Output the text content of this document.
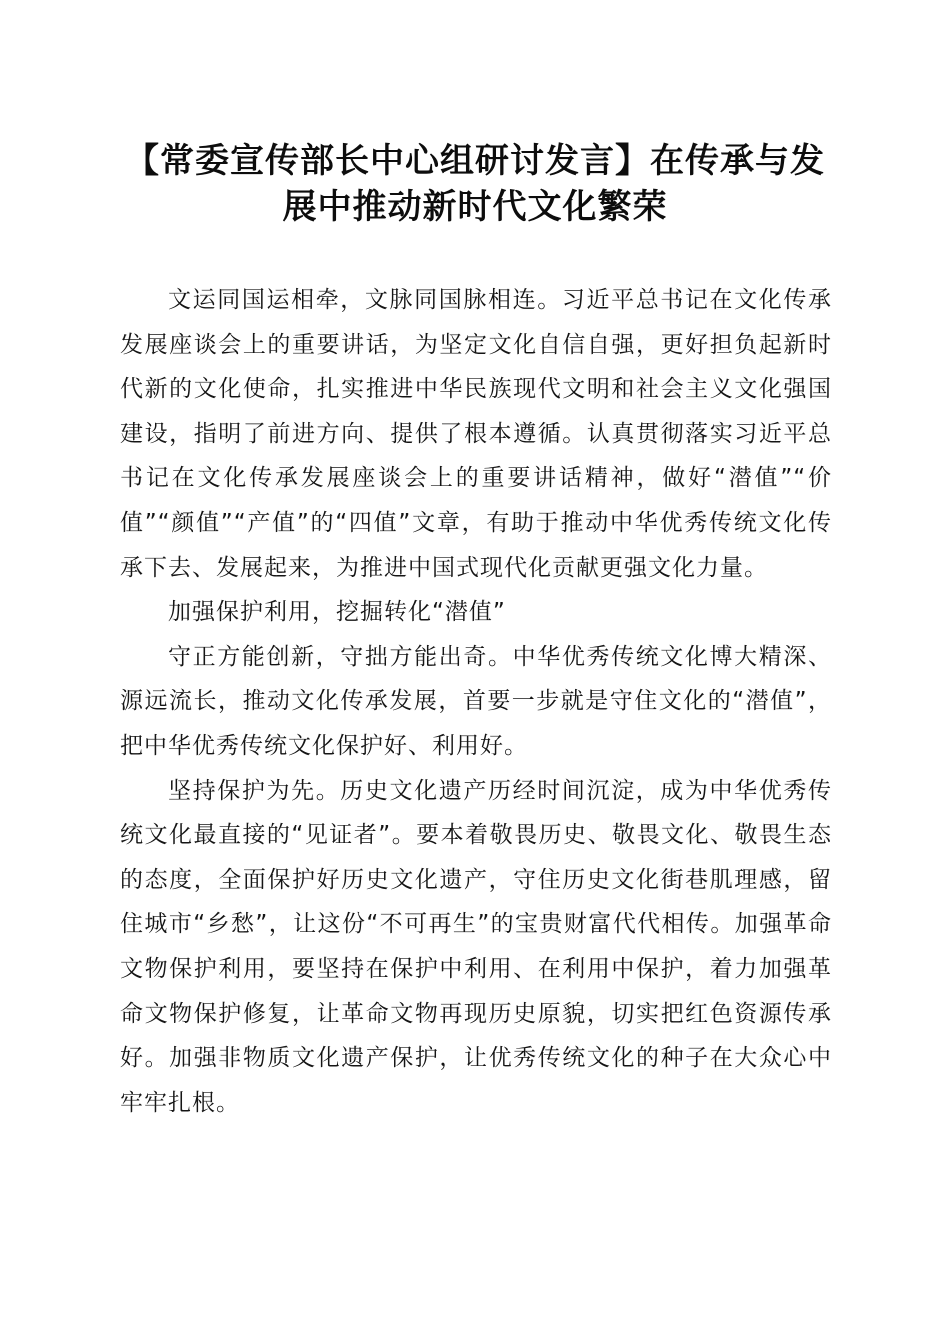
【常委宣传部长中心组研讨发言】在传承与发
展中推动新时代文化繁荣

文运同国运相牵，文脉同国脉相连。习近平总书记在文化传承发展座谈会上的重要讲话，为坚定文化自信自强，更好担负起新时代新的文化使命，扎实推进中华民族现代文明和社会主义文化强国建设，指明了前进方向、提供了根本遵循。认真贯彻落实习近平总书记在文化传承发展座谈会上的重要讲话精神，做好“潜值”“价值”“颜值”“产值”的“四值”文章，有助于推动中华优秀传统文化传承下去、发展起来，为推进中国式现代化贡献更强文化力量。

加强保护利用，挖掘转化“潜值”

守正方能创新，守拙方能出奇。中华优秀传统文化博大精深、源远流长，推动文化传承发展，首要一步就是守住文化的“潜值”，把中华优秀传统文化保护好、利用好。

坚持保护为先。历史文化遗产历经时间沉淀，成为中华优秀传统文化最直接的“见证者”。要本着敬畏历史、敬畏文化、敬畏生态的态度，全面保护好历史文化遗产，守住历史文化街巷肌理感，留住城市“乡愁”，让这份“不可再生”的宝贵财富代代相传。加强革命文物保护利用，要坚持在保护中利用、在利用中保护，着力加强革命文物保护修复，让革命文物再现历史原貌，切实把红色资源传承好。加强非物质文化遗产保护，让优秀传统文化的种子在大众心中牢牢扎根。
